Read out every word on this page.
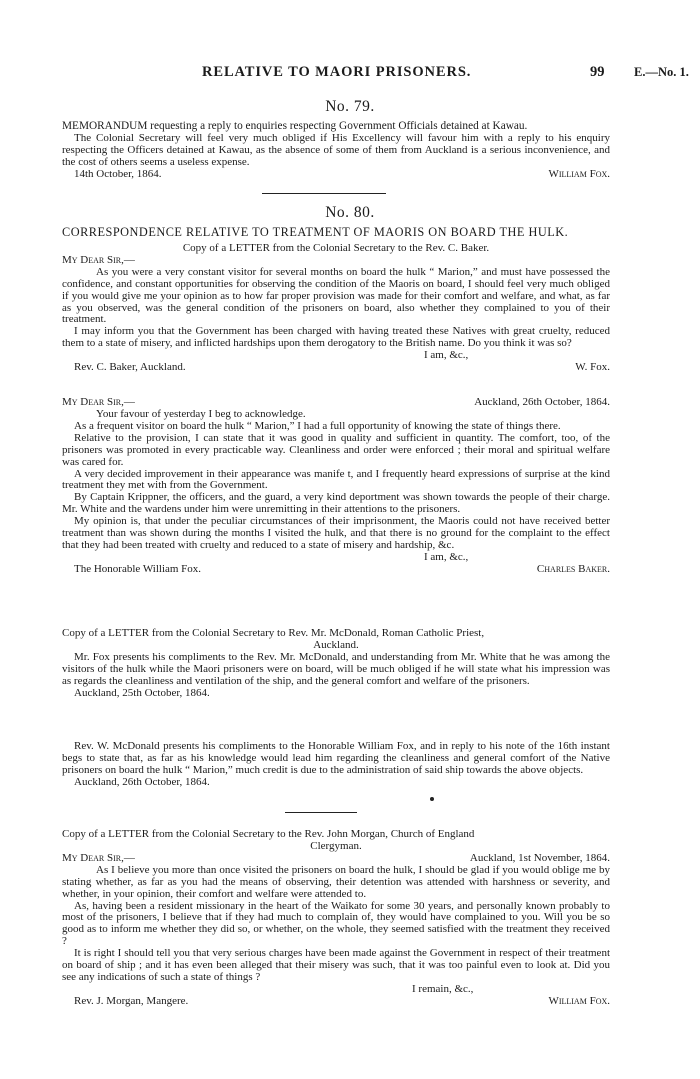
RELATIVE TO MAORI PRISONERS.	99 E.—No. 1.
No. 79.

MEMORANDUM requesting a reply to enquiries respecting Government Officials detained at Kawau.

The Colonial Secretary will feel very much obliged if His Excellency will favour him with a reply to his enquiry respecting the Officers detained at Kawau, as the absence of some of them from Auckland is a serious inconvenience, and the cost of others seems a useless expense.

14th October, 1864.	William Fox.
No. 80.
CORRESPONDENCE RELATIVE TO TREATMENT OF MAORIS ON BOARD THE HULK.

Copy of a LETTER from the Colonial Secretary to the Rev. C. Baker.

My Dear Sir,—

As you were a very constant visitor for several months on board the hulk “ Marion,” and must have possessed the confidence, and constant opportunities for observing the condition of the Maoris on board, I should feel very much obliged if you would give me your opinion as to how far proper provision was made for their comfort and welfare, and what, as far as you observed, was the general condition of the prisoners on board, also whether they complained to you of their treatment.

I may inform you that the Government has been charged with having treated these Natives with great cruelty, reduced them to a state of misery, and inflicted hardships upon them derogatory to the British name. Do you think it was so?

I am, &c.,
Rev. C. Baker, Auckland.	W. Fox.
My Dear Sir,—	Auckland, 26th October, 1864.

Your favour of yesterday I beg to acknowledge.

As a frequent visitor on board the hulk “ Marion,” I had a full opportunity of knowing the state of things there.

Relative to the provision, I can state that it was good in quality and sufficient in quantity. The comfort, too, of the prisoners was promoted in every practicable way. Cleanliness and order were enforced ; their moral and spiritual welfare was cared for.

A very decided improvement in their appearance was manife t, and I frequently heard expressions of surprise at the kind treatment they met with from the Government.

By Captain Krippner, the officers, and the guard, a very kind deportment was shown towards the people of their charge. Mr. White and the wardens under him were unremitting in their attentions to the prisoners.

My opinion is, that under the peculiar circumstances of their imprisonment, the Maoris could not have received better treatment than was shown during the months I visited the hulk, and that there is no ground for the complaint to the effect that they had been treated with cruelty and reduced to a state of misery and hardship, &c.

I am, &c.,
The Honorable William Fox.	Charles Baker.

Copy of a LETTER from the Colonial Secretary to Rev. Mr. McDonald, Roman Catholic Priest,

Auckland.

Mr. Fox presents his compliments to the Rev. Mr. McDonald, and understanding from Mr. White that he was among the visitors of the hulk while the Maori prisoners were on board, will be much obliged if he will state what his impression was as regards the cleanliness and ventilation of the ship, and the general comfort and welfare of the prisoners.

Auckland, 25th October, 1864.

Rev. W. McDonald presents his compliments to the Honorable William Fox, and in reply to his note of the 16th instant begs to state that, as far as his knowledge would lead him regarding the cleanliness and general comfort of the Native prisoners on board the hulk “ Marion,” much credit is due to the administration of said ship towards the above objects.

Auckland, 26th October, 1864.

Copy of a LETTER from the Colonial Secretary to the Rev. John Morgan, Church of England

Clergyman.

My Dear Sir,—	Auckland, 1st November, 1864.

As I believe you more than once visited the prisoners on board the hulk, I should be glad if you would oblige me by stating whether, as far as you had the means of observing, their detention was attended with harshness or severity, and whether, in your opinion, their comfort and welfare were attended to.

As, having been a resident missionary in the heart of the Waikato for some 30 years, and personally known probably to most of the prisoners, I believe that if they had much to complain of, they would have complained to you. Will you be so good as to inform me whether they did so, or whether, on the whole, they seemed satisfied with the treatment they received ?

It is right I should tell you that very serious charges have been made against the Government in respect of their treatment on board of ship ; and it has even been alleged that their misery was such, that it was too painful even to look at. Did you see any indications of such a state of things ?

I remain, &c.,
Rev. J. Morgan, Mangere.	William Fox.
